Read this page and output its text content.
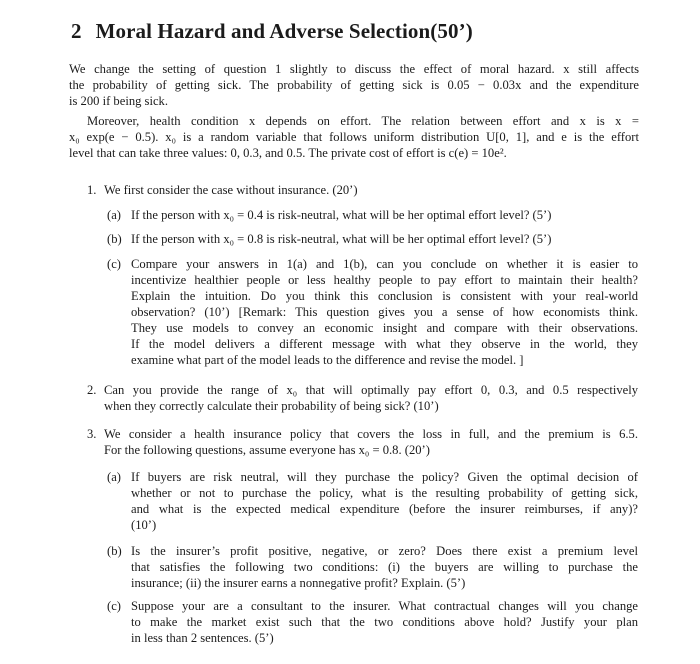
2 Moral Hazard and Adverse Selection(50’)
We change the setting of question 1 slightly to discuss the effect of moral hazard. x still affects
the probability of getting sick. The probability of getting sick is 0.05 − 0.03x and the expenditure
is 200 if being sick.
Moreover, health condition x depends on effort. The relation between effort and x is x =
x₀ exp(e − 0.5). x₀ is a random variable that follows uniform distribution U[0, 1], and e is the effort
level that can take three values: 0, 0.3, and 0.5. The private cost of effort is c(e) = 10e².
1. We first consider the case without insurance. (20’)
(a) If the person with x₀ = 0.4 is risk-neutral, what will be her optimal effort level? (5’)
(b) If the person with x₀ = 0.8 is risk-neutral, what will be her optimal effort level? (5’)
(c) Compare your answers in 1(a) and 1(b), can you conclude on whether it is easier to
incentivize healthier people or less healthy people to pay effort to maintain their health?
Explain the intuition. Do you think this conclusion is consistent with your real-world
observation? (10’) [Remark: This question gives you a sense of how economists think.
They use models to convey an economic insight and compare with their observations.
If the model delivers a different message with what they observe in the world, they
examine what part of the model leads to the difference and revise the model. ]
2. Can you provide the range of x₀ that will optimally pay effort 0, 0.3, and 0.5 respectively
when they correctly calculate their probability of being sick? (10’)
3. We consider a health insurance policy that covers the loss in full, and the premium is 6.5.
For the following questions, assume everyone has x₀ = 0.8. (20’)
(a) If buyers are risk neutral, will they purchase the policy? Given the optimal decision of
whether or not to purchase the policy, what is the resulting probability of getting sick,
and what is the expected medical expenditure (before the insurer reimburses, if any)?
(10’)
(b) Is the insurer’s profit positive, negative, or zero? Does there exist a premium level
that satisfies the following two conditions: (i) the buyers are willing to purchase the
insurance; (ii) the insurer earns a nonnegative profit? Explain. (5’)
(c) Suppose your are a consultant to the insurer. What contractual changes will you change
to make the market exist such that the two conditions above hold? Justify your plan
in less than 2 sentences. (5’)
